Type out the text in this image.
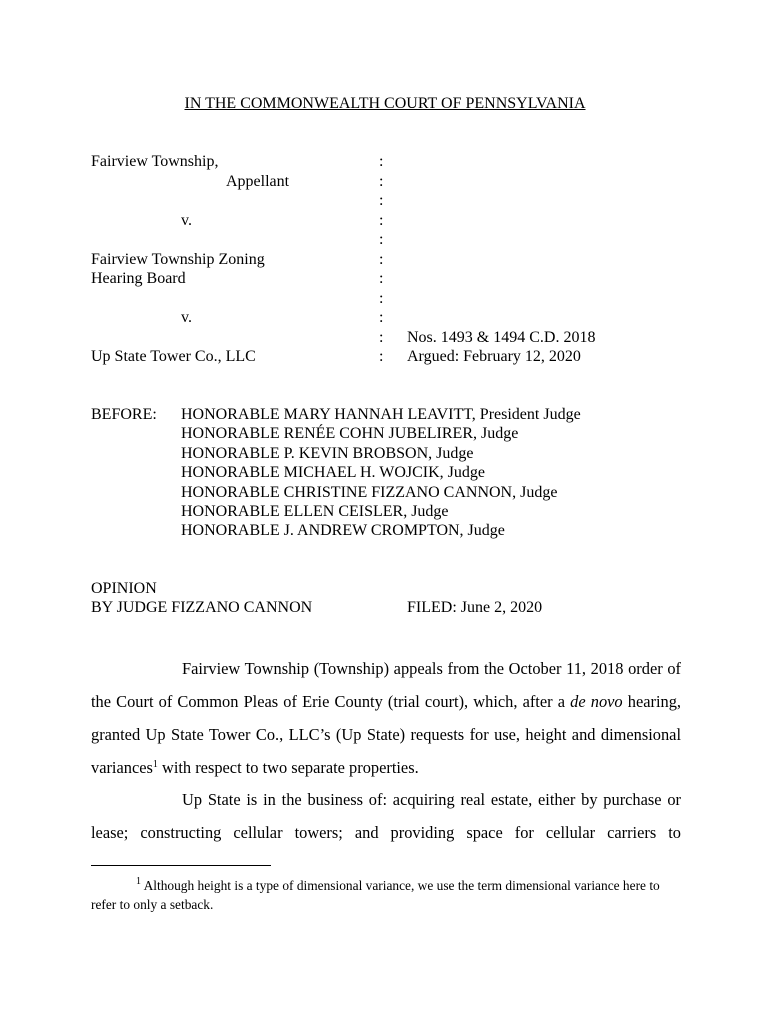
IN THE COMMONWEALTH COURT OF PENNSYLVANIA
Fairview Township,
Appellant
v.
Fairview Township Zoning
Hearing Board
v.
Up State Tower Co., LLC
:
:
:
:
:
:
:
:
:
:
:
Nos. 1493 & 1494 C.D. 2018
Argued: February 12, 2020
BEFORE: HONORABLE MARY HANNAH LEAVITT, President Judge
HONORABLE RENÉE COHN JUBELIRER, Judge
HONORABLE P. KEVIN BROBSON, Judge
HONORABLE MICHAEL H. WOJCIK, Judge
HONORABLE CHRISTINE FIZZANO CANNON, Judge
HONORABLE ELLEN CEISLER, Judge
HONORABLE J. ANDREW CROMPTON, Judge
OPINION
BY JUDGE FIZZANO CANNON	FILED: June 2, 2020
Fairview Township (Township) appeals from the October 11, 2018 order of the Court of Common Pleas of Erie County (trial court), which, after a de novo hearing, granted Up State Tower Co., LLC’s (Up State) requests for use, height and dimensional variances$^1$ with respect to two separate properties.
Up State is in the business of: acquiring real estate, either by purchase or lease; constructing cellular towers; and providing space for cellular carriers to
$^1$ Although height is a type of dimensional variance, we use the term dimensional variance here to refer to only a setback.
